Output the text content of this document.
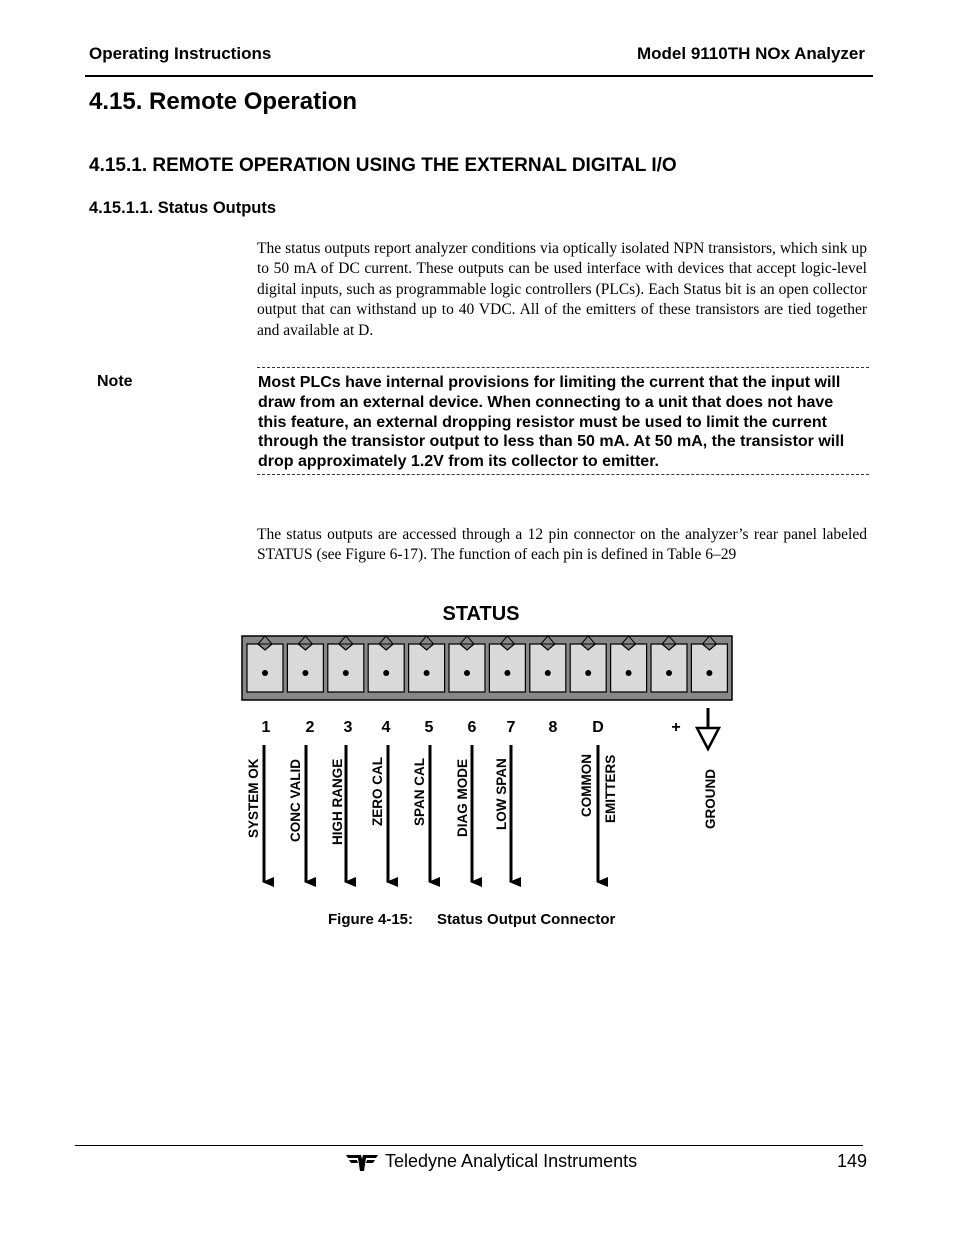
Operating Instructions	Model 9110TH NOx Analyzer
4.15. Remote Operation
4.15.1. REMOTE OPERATION USING THE EXTERNAL DIGITAL I/O
4.15.1.1. Status Outputs
The status outputs report analyzer conditions via optically isolated NPN transistors, which sink up to 50 mA of DC current. These outputs can be used interface with devices that accept logic-level digital inputs, such as programmable logic controllers (PLCs). Each Status bit is an open collector output that can withstand up to 40 VDC. All of the emitters of these transistors are tied together and available at D.
Note	Most PLCs have internal provisions for limiting the current that the input will draw from an external device. When connecting to a unit that does not have this feature, an external dropping resistor must be used to limit the current through the transistor output to less than 50 mA. At 50 mA, the transistor will drop approximately 1.2V from its collector to emitter.
The status outputs are accessed through a 12 pin connector on the analyzer’s rear panel labeled STATUS (see Figure 6-17). The function of each pin is defined in Table 6–29
STATUS
1 2 3 4 5 6 7 8 D	+
SYSTEM OK CONC VALID HIGH RANGE ZERO CAL SPAN CAL DIAG MODE LOW SPAN	COMMON EMITTERS	GROUND
Figure 4-15: Status Output Connector
Teledyne Analytical Instruments	149
